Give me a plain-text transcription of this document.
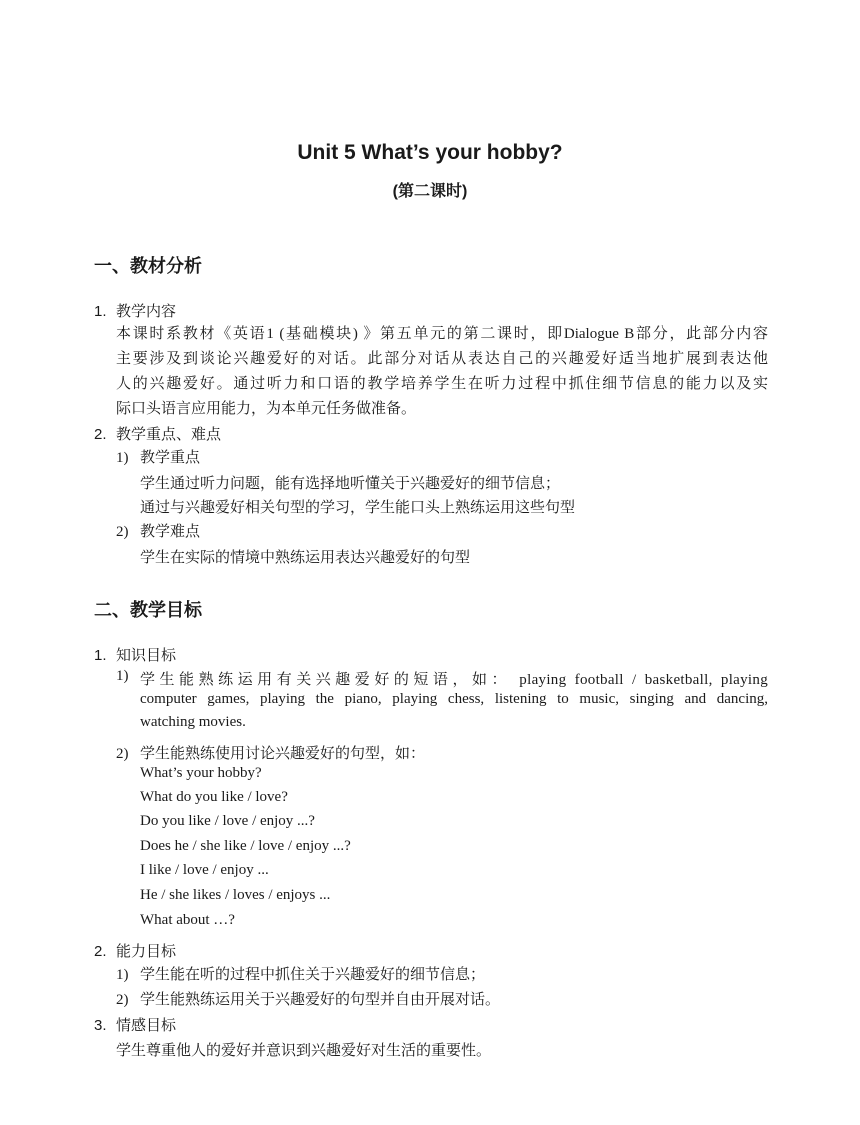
Unit 5 What’s your hobby?
(第二课时)
一、教材分析
1. 教学内容
本课时系教材《英语1 (基础模块) 》第五单元的第二课时，即Dialogue B部分，此部分内容
主要涉及到谈论兴趣爱好的对话。此部分对话从表达自己的兴趣爱好适当地扩展到表达他
人的兴趣爱好。通过听力和口语的教学培养学生在听力过程中抓住细节信息的能力以及实
际口头语言应用能力，为本单元任务做准备。
2. 教学重点、难点
1) 教学重点
学生通过听力问题，能有选择地听懂关于兴趣爱好的细节信息；
通过与兴趣爱好相关句型的学习，学生能口头上熟练运用这些句型
2) 教学难点
学生在实际的情境中熟练运用表达兴趣爱好的句型
二、教学目标
1. 知识目标
1) 学生能熟练运用有关兴趣爱好的短语，如： playing football / basketball, playing
computer games, playing the piano, playing chess, listening to music, singing and dancing,
watching movies.
2) 学生能熟练使用讨论兴趣爱好的句型，如：
What’s your hobby?
What do you like / love?
Do you like / love / enjoy ...?
Does he / she like / love / enjoy ...?
I like / love / enjoy ...
He / she likes / loves / enjoys ...
What about …?
2. 能力目标
1) 学生能在听的过程中抓住关于兴趣爱好的细节信息；
2) 学生能熟练运用关于兴趣爱好的句型并自由开展对话。
3. 情感目标
学生尊重他人的爱好并意识到兴趣爱好对生活的重要性。
